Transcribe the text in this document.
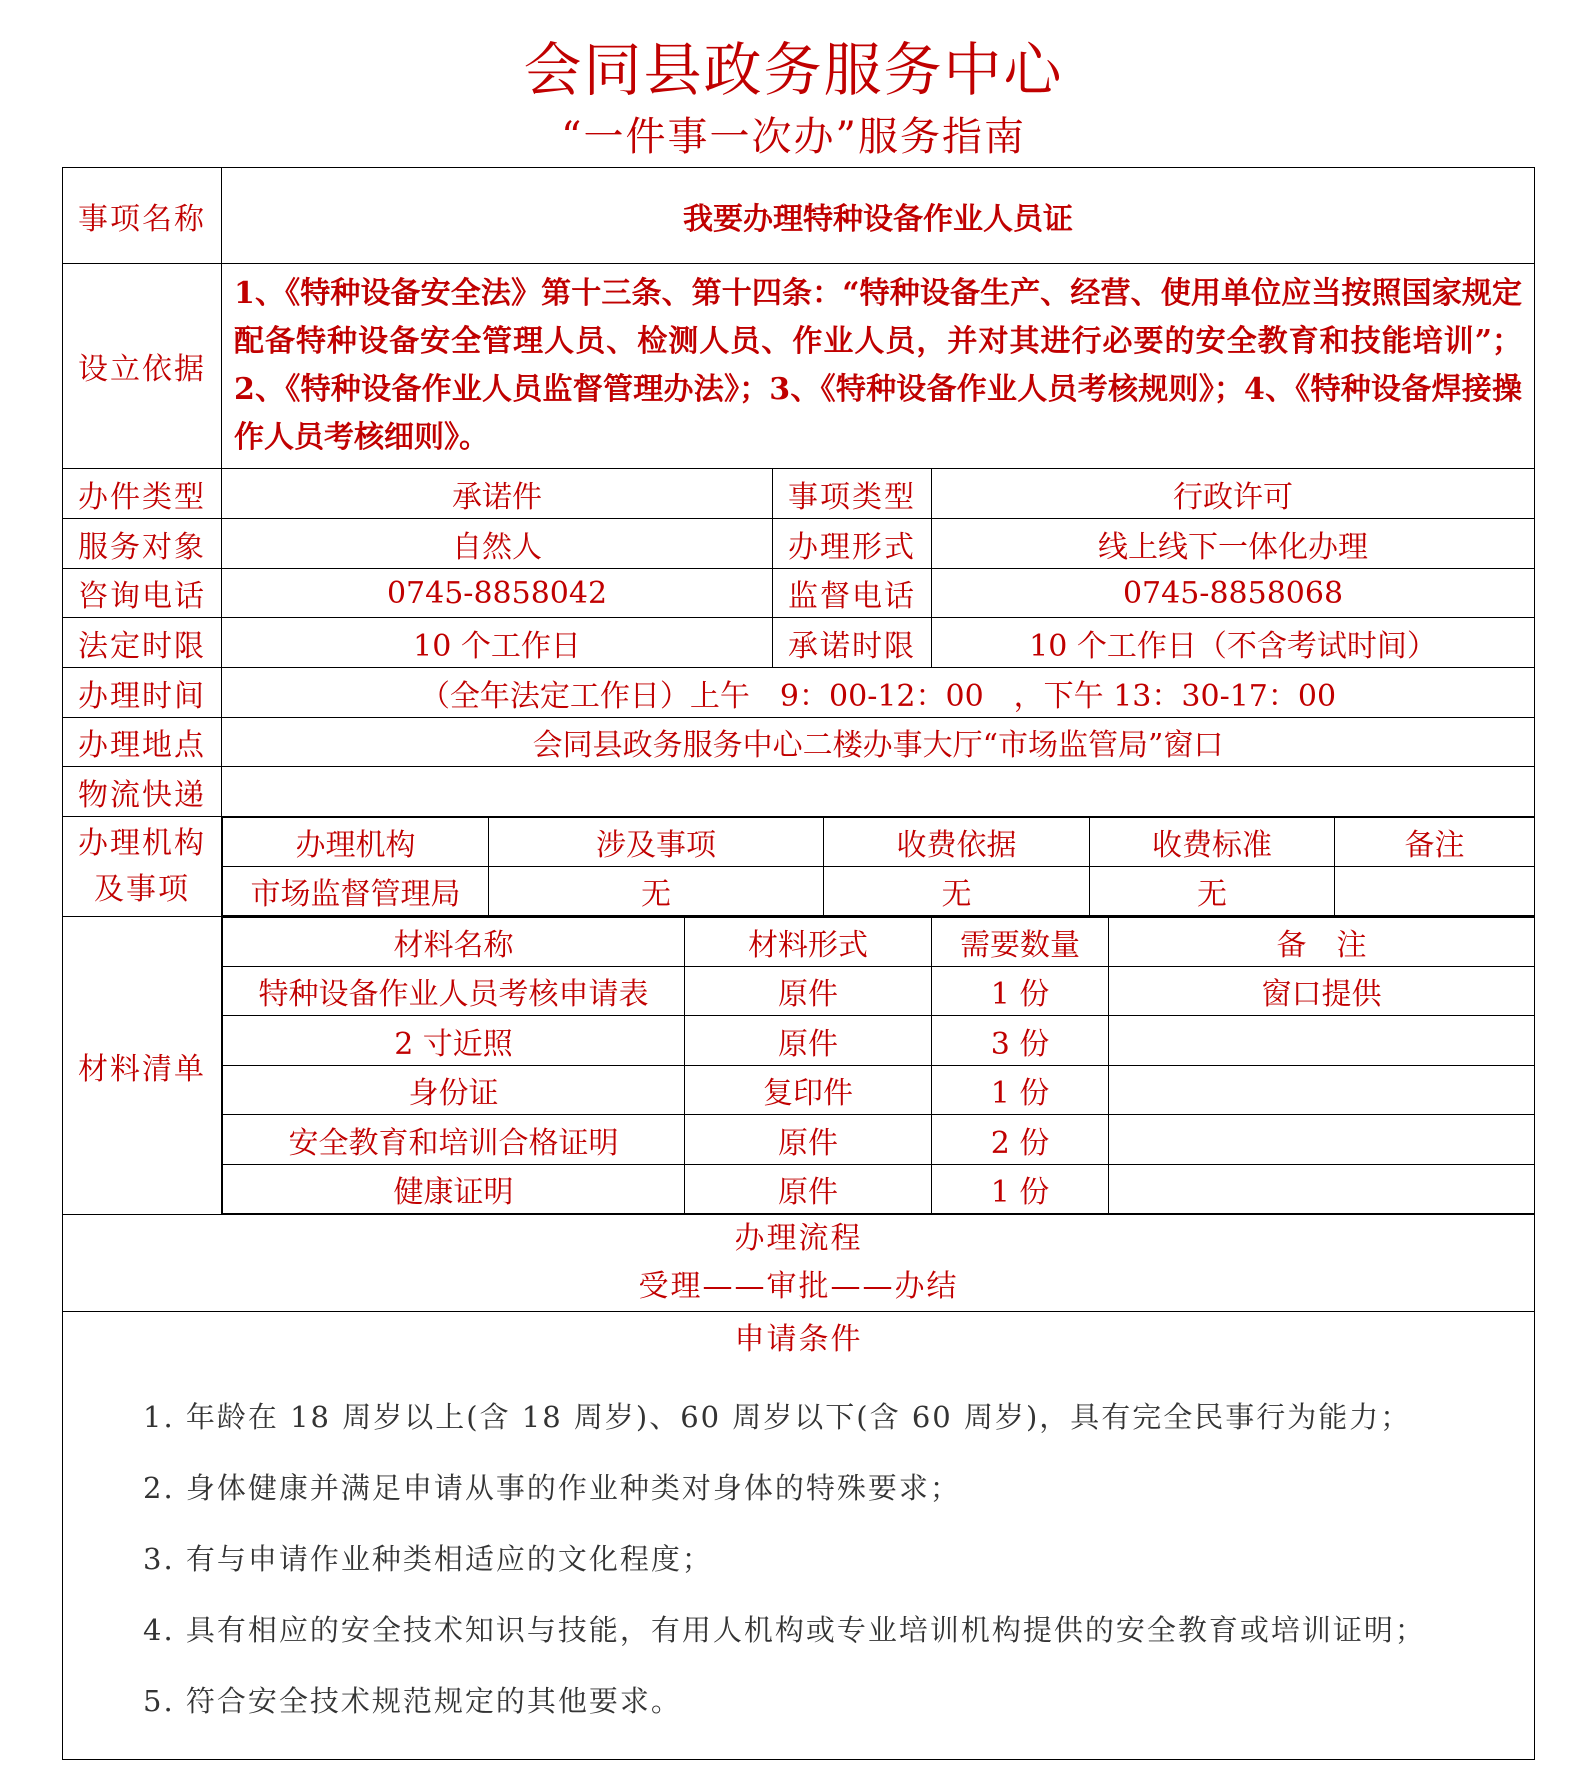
会同县政务服务中心
“一件事一次办”服务指南
事项名称	我要办理特种设备作业人员证
设立依据	1、《特种设备安全法》第十三条、第十四条：“特种设备生产、经营、使用单位应当按照国家规定配备特种设备安全管理人员、检测人员、作业人员，并对其进行必要的安全教育和技能培训”；2、《特种设备作业人员监督管理办法》；3、《特种设备作业人员考核规则》；4、《特种设备焊接操作人员考核细则》。
办件类型	承诺件	事项类型	行政许可
服务对象	自然人	办理形式	线上线下一体化办理
咨询电话	0745-8858042	监督电话	0745-8858068
法定时限	10 个工作日	承诺时限	10 个工作日（不含考试时间）
办理时间	（全年法定工作日）上午　9：00-12：00　，下午 13：30-17：00
办理地点	会同县政务服务中心二楼办事大厅“市场监管局”窗口
物流快递	
办理机构
及事项	
办理机构	涉及事项	收费依据	收费标准	备注
市场监督管理局	无	无	无	

材料清单	
材料名称	材料形式	需要数量	备　注
特种设备作业人员考核申请表	原件	1 份	窗口提供
2 寸近照	原件	3 份	
身份证	复印件	1 份	
安全教育和培训合格证明	原件	2 份	
健康证明	原件	1 份	

办理流程
受理——审批——办结

申请条件
1. 年龄在 18 周岁以上(含 18 周岁)、60 周岁以下(含 60 周岁)，具有完全民事行为能力；
2. 身体健康并满足申请从事的作业种类对身体的特殊要求；
3. 有与申请作业种类相适应的文化程度；
4. 具有相应的安全技术知识与技能，有用人机构或专业培训机构提供的安全教育或培训证明；
5. 符合安全技术规范规定的其他要求。
